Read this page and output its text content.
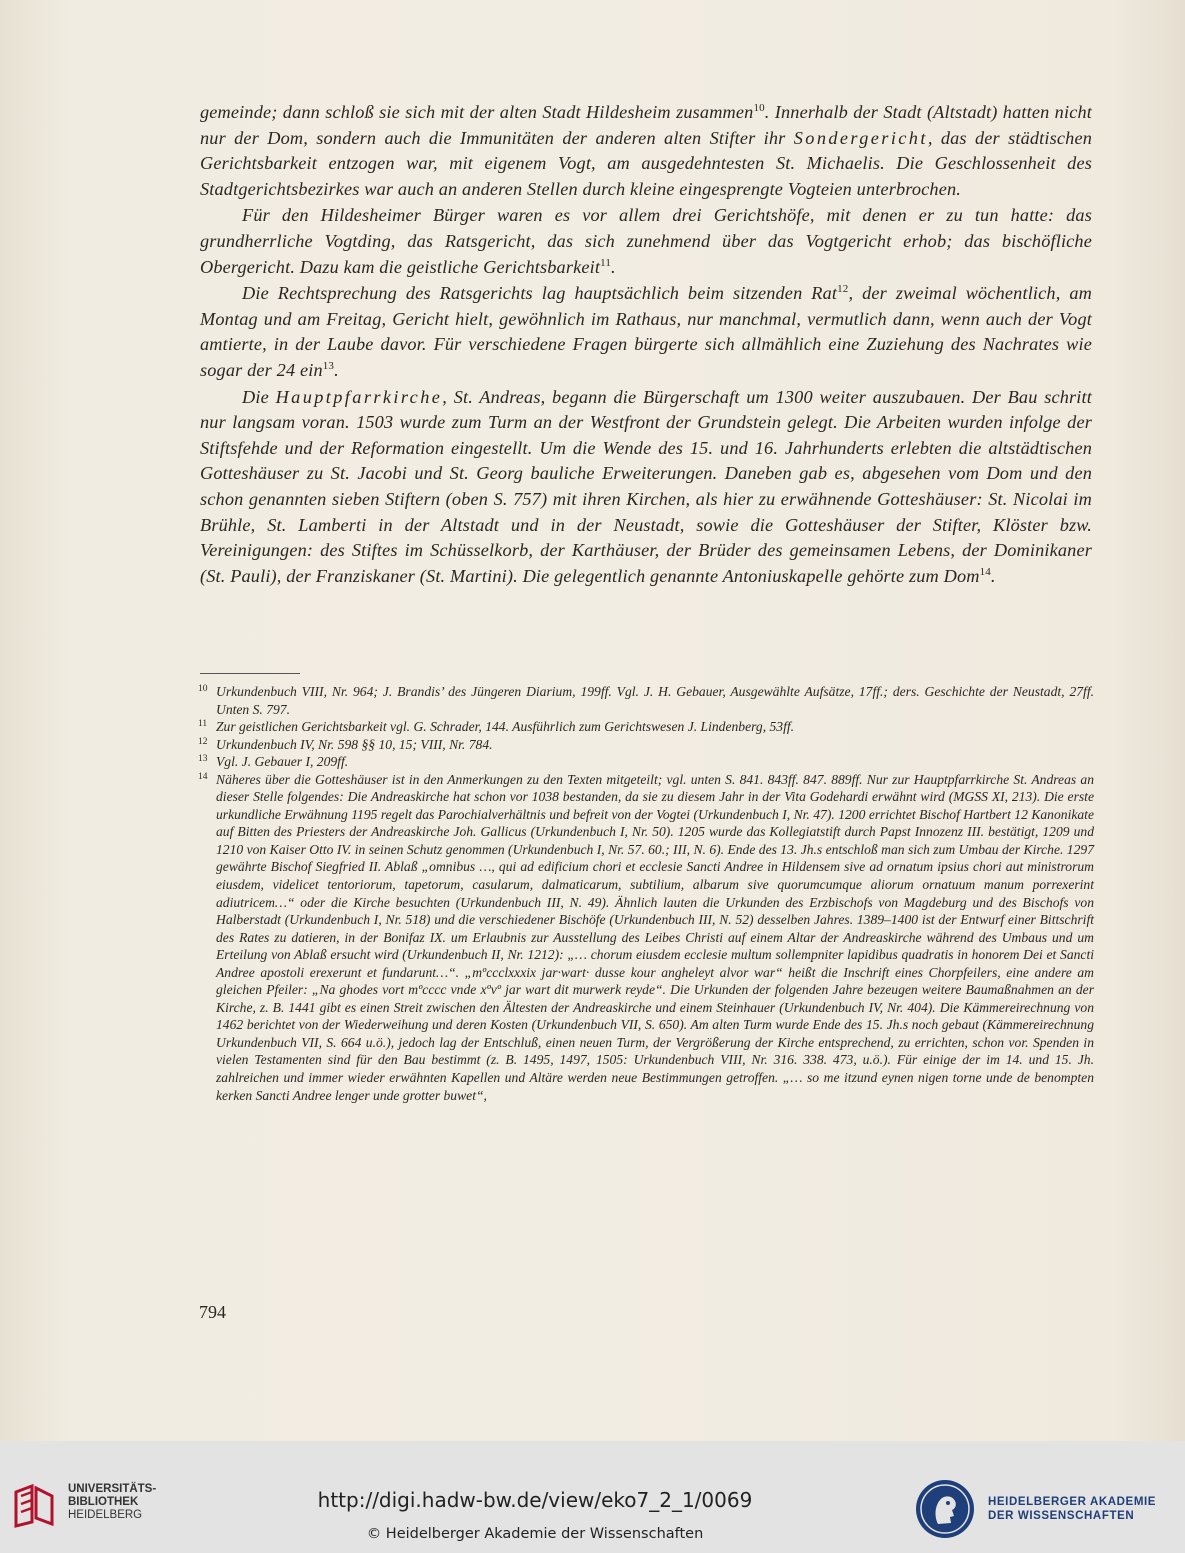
gemeinde; dann schloß sie sich mit der alten Stadt Hildesheim zusammen$^{10}$. Innerhalb der Stadt (Altstadt) hatten nicht nur der Dom, sondern auch die Immunitäten der anderen alten Stifter ihr Sondergericht, das der städtischen Gerichtsbarkeit entzogen war, mit eigenem Vogt, am ausgedehntesten St. Michaelis. Die Geschlossenheit des Stadtgerichtsbezirkes war auch an anderen Stellen durch kleine eingesprengte Vogteien unterbrochen.

Für den Hildesheimer Bürger waren es vor allem drei Gerichtshöfe, mit denen er zu tun hatte: das grundherrliche Vogtding, das Ratsgericht, das sich zunehmend über das Vogtgericht erhob; das bischöfliche Obergericht. Dazu kam die geistliche Gerichtsbarkeit$^{11}$.

Die Rechtsprechung des Ratsgerichts lag hauptsächlich beim sitzenden Rat$^{12}$, der zweimal wöchentlich, am Montag und am Freitag, Gericht hielt, gewöhnlich im Rathaus, nur manchmal, vermutlich dann, wenn auch der Vogt amtierte, in der Laube davor. Für verschiedene Fragen bürgerte sich allmählich eine Zuziehung des Nachrates wie sogar der 24 ein$^{13}$.

Die Hauptpfarrkirche, St. Andreas, begann die Bürgerschaft um 1300 weiter auszubauen. Der Bau schritt nur langsam voran. 1503 wurde zum Turm an der Westfront der Grundstein gelegt. Die Arbeiten wurden infolge der Stiftsfehde und der Reformation eingestellt. Um die Wende des 15. und 16. Jahrhunderts erlebten die altstädtischen Gotteshäuser zu St. Jacobi und St. Georg bauliche Erweiterungen. Daneben gab es, abgesehen vom Dom und den schon genannten sieben Stiftern (oben S. 757) mit ihren Kirchen, als hier zu erwähnende Gotteshäuser: St. Nicolai im Brühle, St. Lamberti in der Altstadt und in der Neustadt, sowie die Gotteshäuser der Stifter, Klöster bzw. Vereinigungen: des Stiftes im Schüsselkorb, der Karthäuser, der Brüder des gemeinsamen Lebens, der Dominikaner (St. Pauli), der Franziskaner (St. Martini). Die gelegentlich genannte Antoniuskapelle gehörte zum Dom$^{14}$.

10 Urkundenbuch VIII, Nr. 964; J. Brandis’ des Jüngeren Diarium, 199ff. Vgl. J. H. Gebauer, Ausgewählte Aufsätze, 17ff.; ders. Geschichte der Neustadt, 27ff. Unten S. 797.
11 Zur geistlichen Gerichtsbarkeit vgl. G. Schrader, 144. Ausführlich zum Gerichtswesen J. Lindenberg, 53ff.
12 Urkundenbuch IV, Nr. 598 §§ 10, 15; VIII, Nr. 784.
13 Vgl. J. Gebauer I, 209ff.
14 Näheres über die Gotteshäuser ist in den Anmerkungen zu den Texten mitgeteilt; vgl. unten S. 841. 843ff. 847. 889ff. Nur zur Hauptpfarrkirche St. Andreas an dieser Stelle folgendes: Die Andreaskirche hat schon vor 1038 bestanden, da sie zu diesem Jahr in der Vita Godehardi erwähnt wird (MGSS XI, 213). Die erste urkundliche Erwähnung 1195 regelt das Parochialverhältnis und befreit von der Vogtei (Urkundenbuch I, Nr. 47). 1200 errichtet Bischof Hartbert 12 Kanonikate auf Bitten des Priesters der Andreaskirche Joh. Gallicus (Urkundenbuch I, Nr. 50). 1205 wurde das Kollegiatstift durch Papst Innozenz III. bestätigt, 1209 und 1210 von Kaiser Otto IV. in seinen Schutz genommen (Urkundenbuch I, Nr. 57. 60.; III, N. 6). Ende des 13. Jh.s entschloß man sich zum Umbau der Kirche. 1297 gewährte Bischof Siegfried II. Ablaß „omnibus …, qui ad edificium chori et ecclesie Sancti Andree in Hildensem sive ad ornatum ipsius chori aut ministrorum eiusdem, videlicet tentoriorum, tapetorum, casularum, dalmaticarum, subtilium, albarum sive quorumcumque aliorum ornatuum manum porrexerint adiutricem…“ oder die Kirche besuchten (Urkundenbuch III, N. 49). Ähnlich lauten die Urkunden des Erzbischofs von Magdeburg und des Bischofs von Halberstadt (Urkundenbuch I, Nr. 518) und die verschiedener Bischöfe (Urkundenbuch III, N. 52) desselben Jahres. 1389–1400 ist der Entwurf einer Bittschrift des Rates zu datieren, in der Bonifaz IX. um Erlaubnis zur Ausstellung des Leibes Christi auf einem Altar der Andreaskirche während des Umbaus und um Erteilung von Ablaß ersucht wird (Urkundenbuch II, Nr. 1212): „… chorum eiusdem ecclesie multum sollempniter lapidibus quadratis in honorem Dei et Sancti Andree apostoli erexerunt et fundarunt…“. „mºccclxxxix jar·wart· dusse kour angheleyt alvor war“ heißt die Inschrift eines Chorpfeilers, eine andere am gleichen Pfeiler: „Na ghodes vort mºcccc vnde xºvº jar wart dit murwerk reyde“. Die Urkunden der folgenden Jahre bezeugen weitere Baumaßnahmen an der Kirche, z. B. 1441 gibt es einen Streit zwischen den Ältesten der Andreaskirche und einem Steinhauer (Urkundenbuch IV, Nr. 404). Die Kämmereirechnung von 1462 berichtet von der Wiederweihung und deren Kosten (Urkundenbuch VII, S. 650). Am alten Turm wurde Ende des 15. Jh.s noch gebaut (Kämmereirechnung Urkundenbuch VII, S. 664 u.ö.), jedoch lag der Entschluß, einen neuen Turm, der Vergrößerung der Kirche entsprechend, zu errichten, schon vor. Spenden in vielen Testamenten sind für den Bau bestimmt (z. B. 1495, 1497, 1505: Urkundenbuch VIII, Nr. 316. 338. 473, u.ö.). Für einige der im 14. und 15. Jh. zahlreichen und immer wieder erwähnten Kapellen und Altäre werden neue Bestimmungen getroffen. „… so me itzund eynen nigen torne unde de benompten kerken Sancti Andree lenger unde grotter buwet“,
794
UNIVERSITÄTS-
BIBLIOTHEK
HEIDELBERG
http://digi.hadw-bw.de/view/eko7_2_1/0069
© Heidelberger Akademie der Wissenschaften
HEIDELBERGER AKADEMIE
DER WISSENSCHAFTEN
